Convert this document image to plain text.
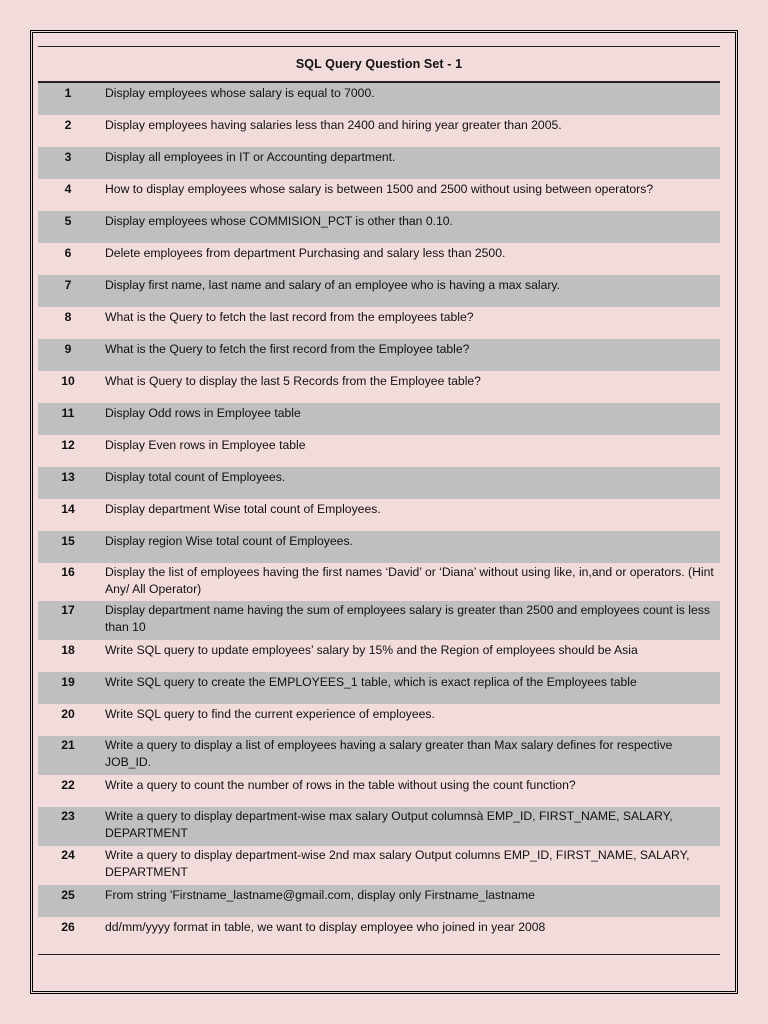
SQL Query Question Set - 1
1	Display employees whose salary is equal to 7000.
2	Display employees having salaries less than 2400 and hiring year greater than 2005.
3	Display all employees in IT or Accounting department.
4	How to display employees whose salary is between 1500 and 2500 without using between operators?
5	Display employees whose COMMISION_PCT is other than 0.10.
6	Delete employees from department Purchasing and salary less than 2500.
7	Display first name, last name and salary of an employee who is having a max salary.
8	What is the Query to fetch the last record from the employees table?
9	What is the Query to fetch the first record from the Employee table?
10	What is Query to display the last 5 Records from the Employee table?
11	Display Odd rows in Employee table
12	Display Even rows in Employee table
13	Display total count of Employees.
14	Display department Wise total count of Employees.
15	Display region Wise total count of Employees.
16	Display the list of employees having the first names ‘David’ or ‘Diana’ without using like, in,and or operators. (Hint Any/ All Operator)
17	Display department name having the sum of employees salary is greater than 2500 and employees count is less than 10
18	Write SQL query to update employees’ salary by 15% and the Region of employees should be Asia
19	Write SQL query to create the EMPLOYEES_1 table, which is exact replica of the Employees table
20	Write SQL query to find the current experience of employees.
21	Write a query to display a list of employees having a salary greater than Max salary defines for respective JOB_ID.
22	Write a query to count the number of rows in the table without using the count function?
23	Write a query to display department-wise max salary Output columnsà EMP_ID, FIRST_NAME, SALARY, DEPARTMENT
24	Write a query to display department-wise 2nd max salary Output columns EMP_ID, FIRST_NAME, SALARY, DEPARTMENT
25	From string 'Firstname_lastname@gmail.com, display only Firstname_lastname
26	dd/mm/yyyy format in table, we want to display employee who joined in year 2008
